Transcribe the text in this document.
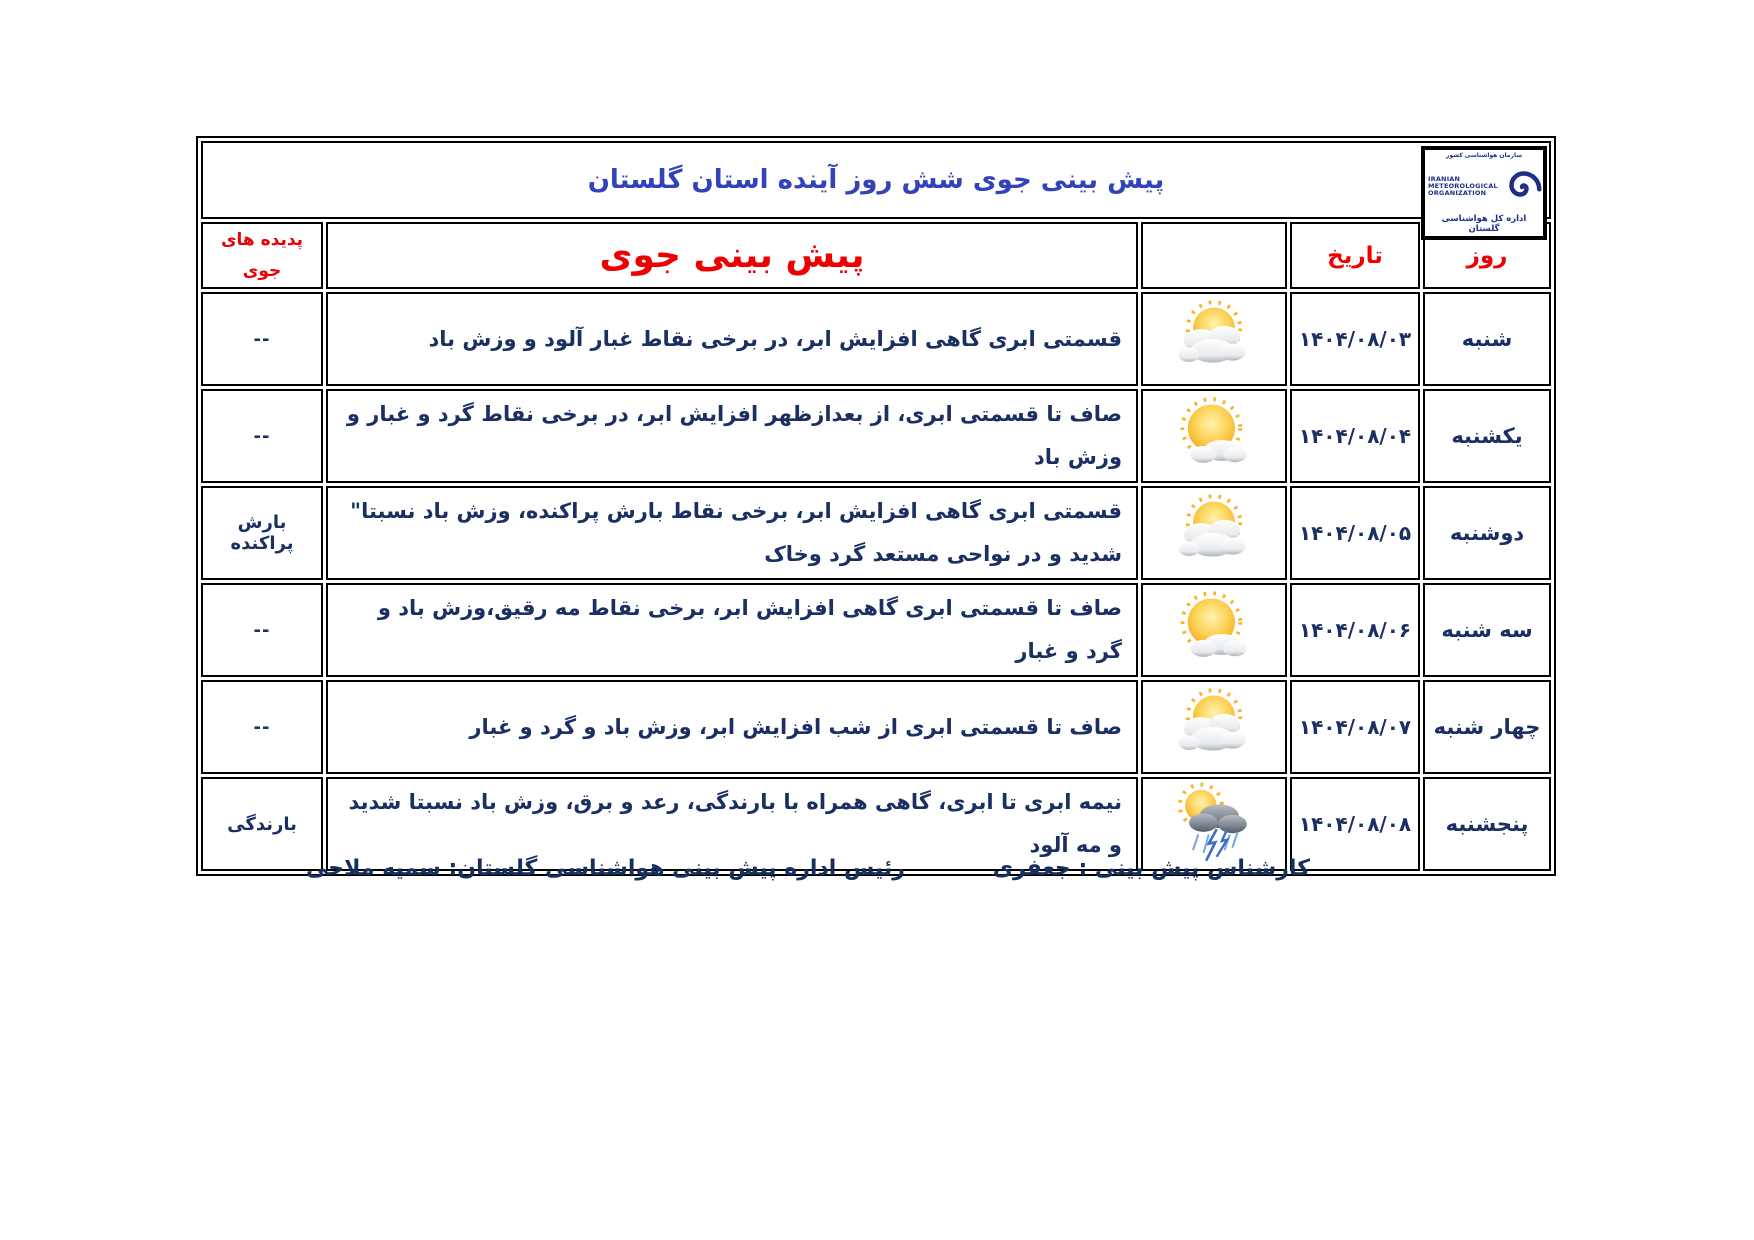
پیش بینی جوی شش روز آینده استان گلستان				
روز	تاریخ		پیش بینی جوی	پدیده های
جوی

شنبه	۱۴۰۴/۰۸/۰۳		قسمتی ابری گاهی افزایش ابر، در برخی نقاط غبار آلود و وزش باد	--
یکشنبه	۱۴۰۴/۰۸/۰۴		صاف تا قسمتی ابری، از بعدازظهر افزایش ابر، در برخی نقاط گرد و غبار و وزش باد	--
دوشنبه	۱۴۰۴/۰۸/۰۵		قسمتی ابری گاهی افزایش ابر، برخی نقاط بارش پراکنده، وزش باد نسبتا" شدید و در نواحی مستعد گرد وخاک	بارش پراکنده
سه شنبه	۱۴۰۴/۰۸/۰۶		صاف تا قسمتی ابری گاهی افزایش ابر، برخی نقاط مه رقیق،وزش باد و گرد و غبار	--
چهار شنبه	۱۴۰۴/۰۸/۰۷		صاف تا قسمتی ابری از شب افزایش ابر، وزش باد و گرد و غبار	--
پنجشنبه	۱۴۰۴/۰۸/۰۸		نیمه ابری تا ابری، گاهی همراه با بارندگی، رعد و برق، وزش باد نسبتا شدید و مه آلود	بارندگی
سازمان هواشناسی کشور
IRANIAN
METEOROLOGICAL
ORGANIZATION
اداره کل هواشناسی گلستان
رئیس اداره پیش بینی هواشناسی گلستان: سمیه ملاحی	کارشناس پیش بینی : جعفری
